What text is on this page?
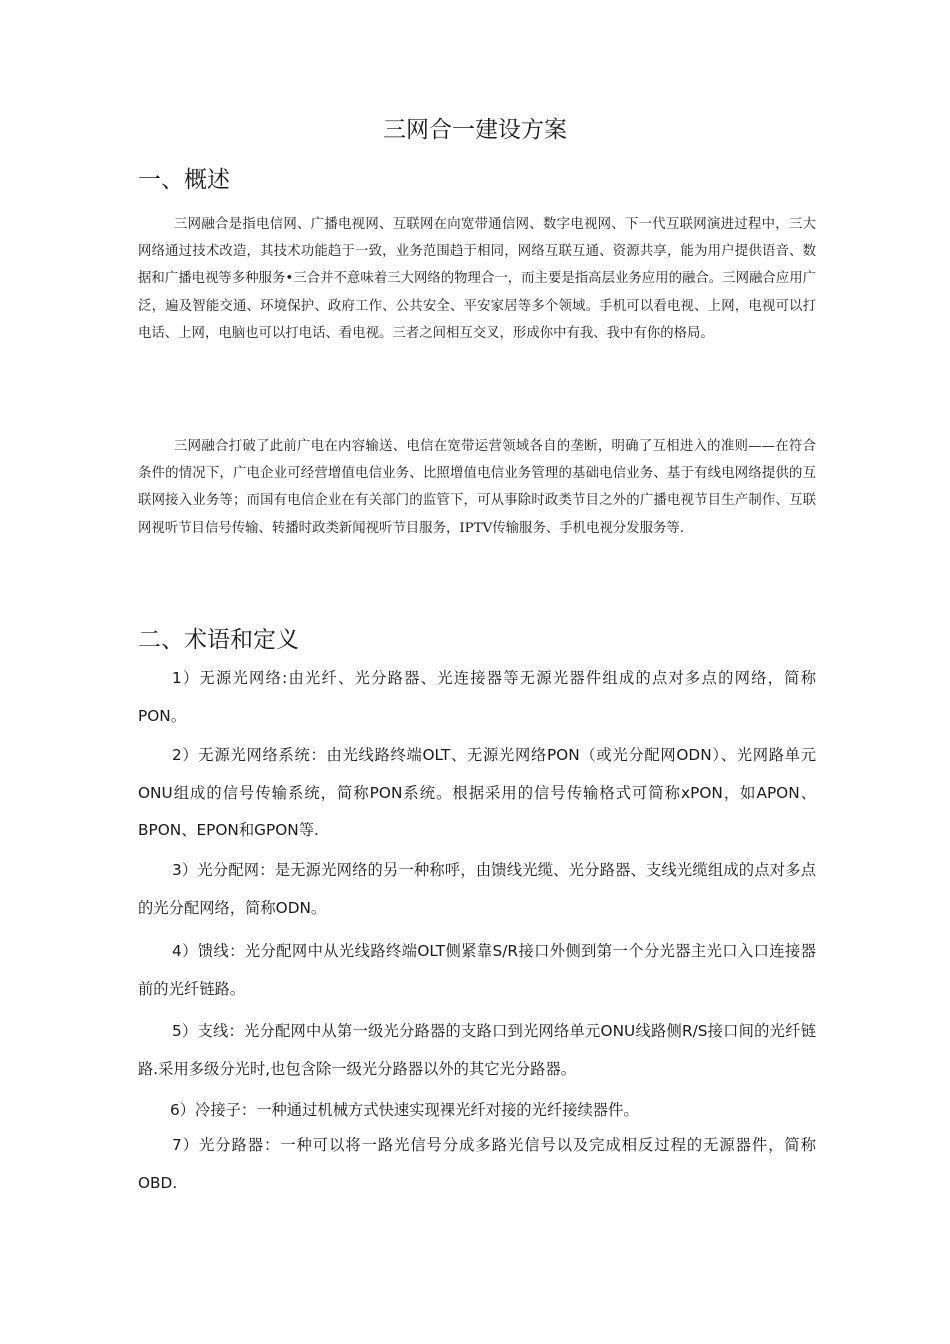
三网合一建设方案
一、概述

三网融合是指电信网、广播电视网、互联网在向宽带通信网、数字电视网、下一代互联网演进过程中，三大网络通过技术改造，其技术功能趋于一致，业务范围趋于相同，网络互联互通、资源共享，能为用户提供语音、数据和广播电视等多种服务•三合并不意味着三大网络的物理合一，而主要是指高层业务应用的融合。三网融合应用广泛，遍及智能交通、环境保护、政府工作、公共安全、平安家居等多个领域。手机可以看电视、上网，电视可以打电话、上网，电脑也可以打电话、看电视。三者之间相互交叉，形成你中有我、我中有你的格局。

三网融合打破了此前广电在内容输送、电信在宽带运营领域各自的垄断，明确了互相进入的准则——在符合条件的情况下，广电企业可经营增值电信业务、比照增值电信业务管理的基础电信业务、基于有线电网络提供的互联网接入业务等；而国有电信企业在有关部门的监管下，可从事除时政类节目之外的广播电视节目生产制作、互联网视听节目信号传输、转播时政类新闻视听节目服务，IPTV传输服务、手机电视分发服务等.

二、术语和定义

1）无源光网络:由光纤、光分路器、光连接器等无源光器件组成的点对多点的网络，简称PON。

2）无源光网络系统：由光线路终端OLT、无源光网络PON（或光分配网ODN）、光网路单元ONU组成的信号传输系统，简称PON系统。根据采用的信号传输格式可简称xPON，如APON、BPON、EPON和GPON等.

3）光分配网：是无源光网络的另一种称呼，由馈线光缆、光分路器、支线光缆组成的点对多点的光分配网络，简称ODN。

4）馈线：光分配网中从光线路终端OLT侧紧靠S/R接口外侧到第一个分光器主光口入口连接器前的光纤链路。

5）支线：光分配网中从第一级光分路器的支路口到光网络单元ONU线路侧R/S接口间的光纤链路.采用多级分光时,也包含除一级光分路器以外的其它光分路器。

6）冷接子：一种通过机械方式快速实现裸光纤对接的光纤接续器件。

7）光分路器：一种可以将一路光信号分成多路光信号以及完成相反过程的无源器件，简称OBD.
